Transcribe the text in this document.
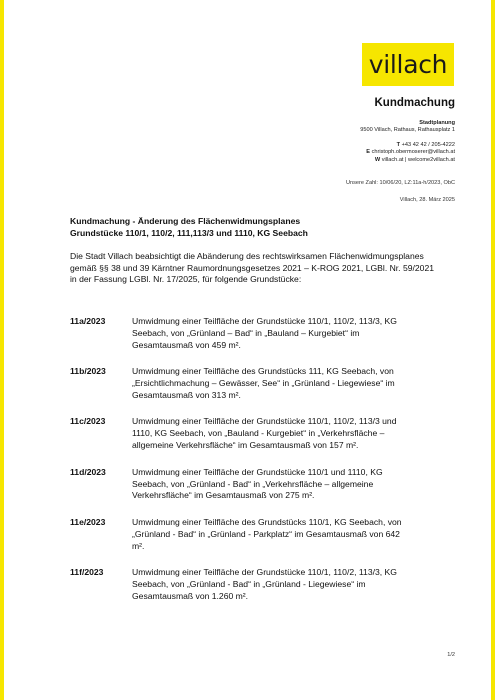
villach
Kundmachung
Stadtplanung
9500 Villach, Rathaus, Rathausplatz 1
T +43 42 42 / 205-4222
E christoph.obermoserer@villach.at
W villach.at | welcome2villach.at
Unsere Zahl: 10/06/20, LZ:11a-h/2023, ObC
Villach, 28. März 2025
Kundmachung - Änderung des Flächenwidmungsplanes
Grundstücke 110/1, 110/2, 111,113/3 und 1110, KG Seebach
Die Stadt Villach beabsichtigt die Abänderung des rechtswirksamen Flächenwidmungsplanes gemäß §§ 38 und 39 Kärntner Raumordnungsgesetzes 2021 – K-ROG 2021, LGBl. Nr. 59/2021 in der Fassung LGBl. Nr. 17/2025, für folgende Grundstücke:
11a/2023	Umwidmung einer Teilfläche der Grundstücke 110/1, 110/2, 113/3, KG Seebach, von „Grünland – Bad“ in „Bauland – Kurgebiet“ im Gesamtausmaß von 459 m².
11b/2023	Umwidmung einer Teilfläche des Grundstücks 111, KG Seebach, von „Ersichtlichmachung – Gewässer, See“ in „Grünland - Liegewiese“ im Gesamtausmaß von 313 m².
11c/2023	Umwidmung einer Teilfläche der Grundstücke 110/1, 110/2, 113/3 und 1110, KG Seebach, von „Bauland - Kurgebiet“ in „Verkehrsfläche – allgemeine Verkehrsfläche“ im Gesamtausmaß von 157 m².
11d/2023	Umwidmung einer Teilfläche der Grundstücke 110/1 und 1110, KG Seebach, von „Grünland - Bad“ in „Verkehrsfläche – allgemeine Verkehrsfläche“ im Gesamtausmaß von 275 m².
11e/2023	Umwidmung einer Teilfläche des Grundstücks 110/1, KG Seebach, von „Grünland - Bad“ in „Grünland - Parkplatz“ im Gesamtausmaß von 642 m².
11f/2023	Umwidmung einer Teilfläche der Grundstücke 110/1, 110/2, 113/3, KG Seebach, von „Grünland - Bad“ in „Grünland - Liegewiese“ im Gesamtausmaß von 1.260 m².
1/2
